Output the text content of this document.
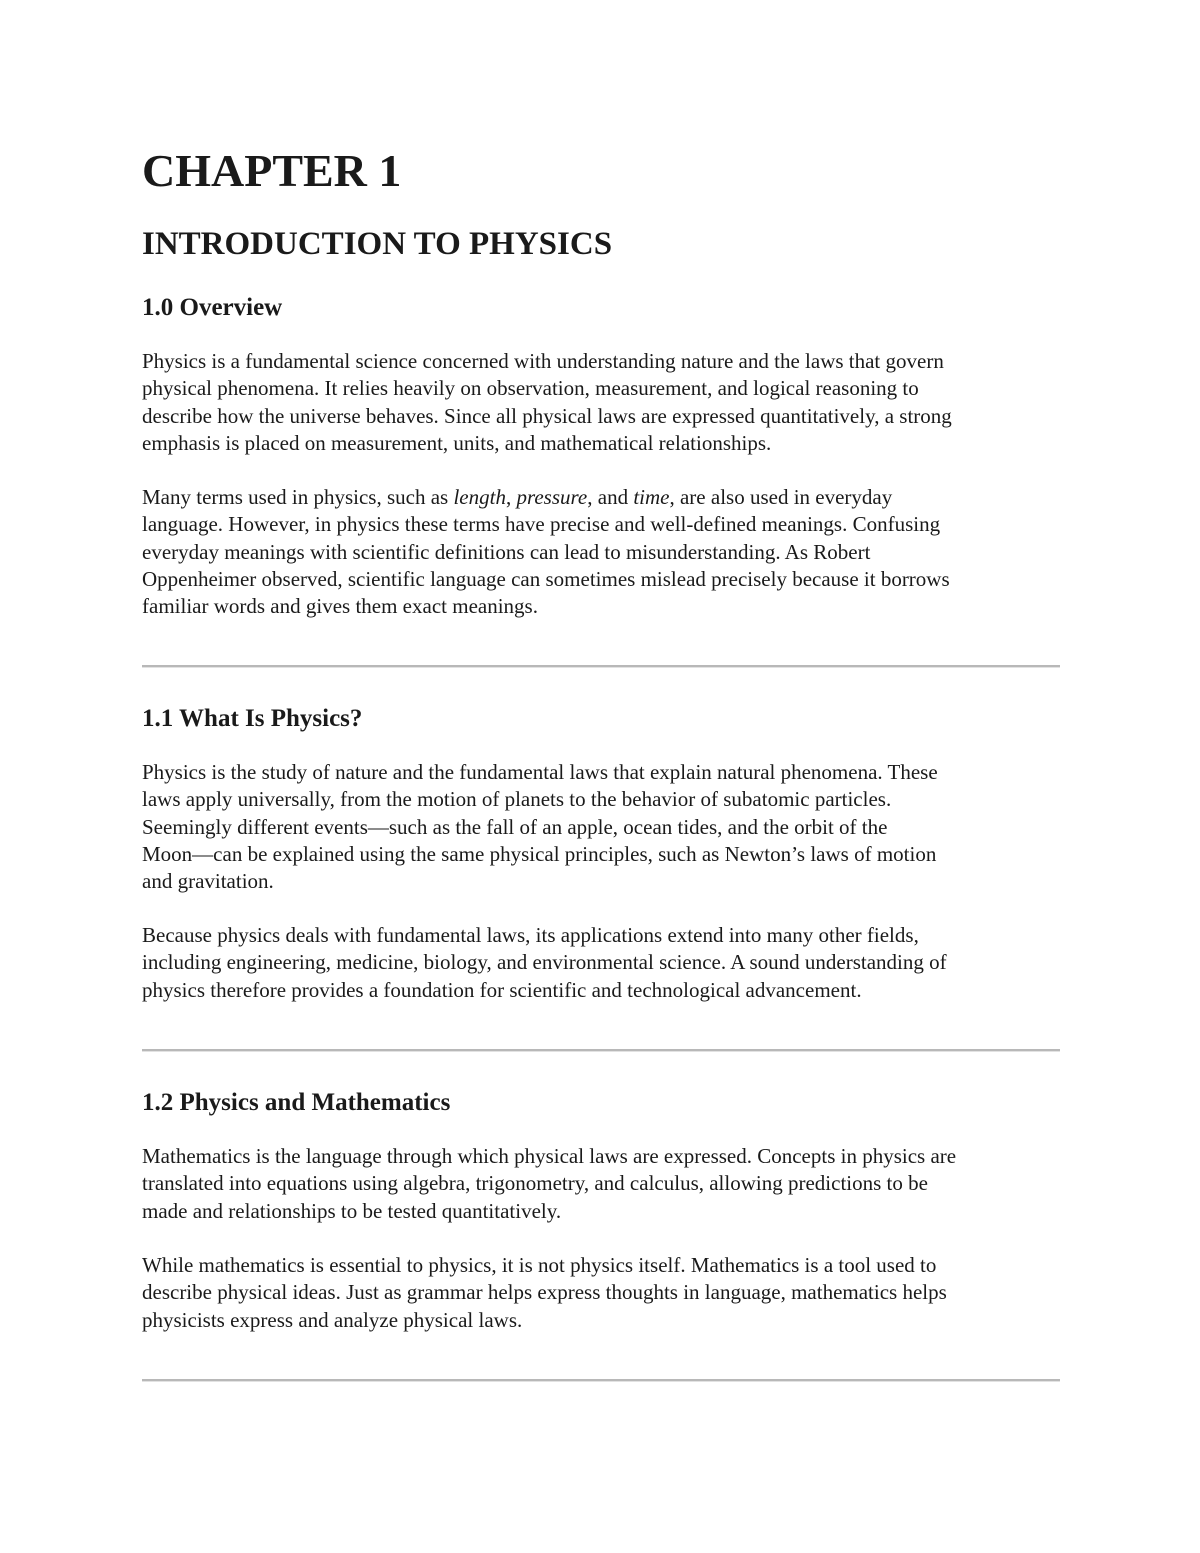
CHAPTER 1
INTRODUCTION TO PHYSICS
1.0 Overview

Physics is a fundamental science concerned with understanding nature and the laws that govern
physical phenomena. It relies heavily on observation, measurement, and logical reasoning to
describe how the universe behaves. Since all physical laws are expressed quantitatively, a strong
emphasis is placed on measurement, units, and mathematical relationships.

Many terms used in physics, such as length, pressure, and time, are also used in everyday
language. However, in physics these terms have precise and well-defined meanings. Confusing
everyday meanings with scientific definitions can lead to misunderstanding. As Robert
Oppenheimer observed, scientific language can sometimes mislead precisely because it borrows
familiar words and gives them exact meanings.

1.1 What Is Physics?

Physics is the study of nature and the fundamental laws that explain natural phenomena. These
laws apply universally, from the motion of planets to the behavior of subatomic particles.
Seemingly different events—such as the fall of an apple, ocean tides, and the orbit of the
Moon—can be explained using the same physical principles, such as Newton’s laws of motion
and gravitation.

Because physics deals with fundamental laws, its applications extend into many other fields,
including engineering, medicine, biology, and environmental science. A sound understanding of
physics therefore provides a foundation for scientific and technological advancement.

1.2 Physics and Mathematics

Mathematics is the language through which physical laws are expressed. Concepts in physics are
translated into equations using algebra, trigonometry, and calculus, allowing predictions to be
made and relationships to be tested quantitatively.

While mathematics is essential to physics, it is not physics itself. Mathematics is a tool used to
describe physical ideas. Just as grammar helps express thoughts in language, mathematics helps
physicists express and analyze physical laws.
